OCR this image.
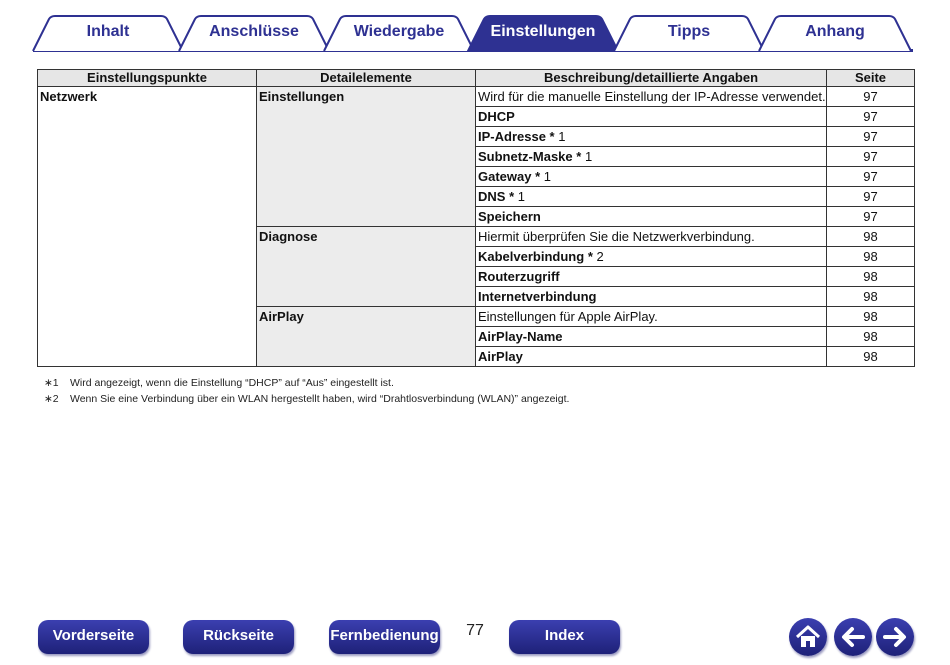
Inhalt	Anschlüsse	Wiedergabe	Einstellungen	Tipps	Anhang
Einstellungspunkte	Detailelemente	Beschreibung/detaillierte Angaben	Seite
Netzwerk	Einstellungen	Wird für die manuelle Einstellung der IP-Adresse verwendet.	97
		DHCP	97
		IP-Adresse * 1	97
		Subnetz-Maske * 1	97
		Gateway * 1	97
		DNS * 1	97
		Speichern	97
	Diagnose	Hiermit überprüfen Sie die Netzwerkverbindung.	98
		Kabelverbindung * 2	98
		Routerzugriff	98
		Internetverbindung	98
	AirPlay	Einstellungen für Apple AirPlay.	98
		AirPlay-Name	98
		AirPlay	98
∗1 Wird angezeigt, wenn die Einstellung “DHCP” auf “Aus” eingestellt ist.
∗2 Wenn Sie eine Verbindung über ein WLAN hergestellt haben, wird “Drahtlosverbindung (WLAN)” angezeigt.
Vorderseite	Rückseite	Fernbedienung	77	Index
